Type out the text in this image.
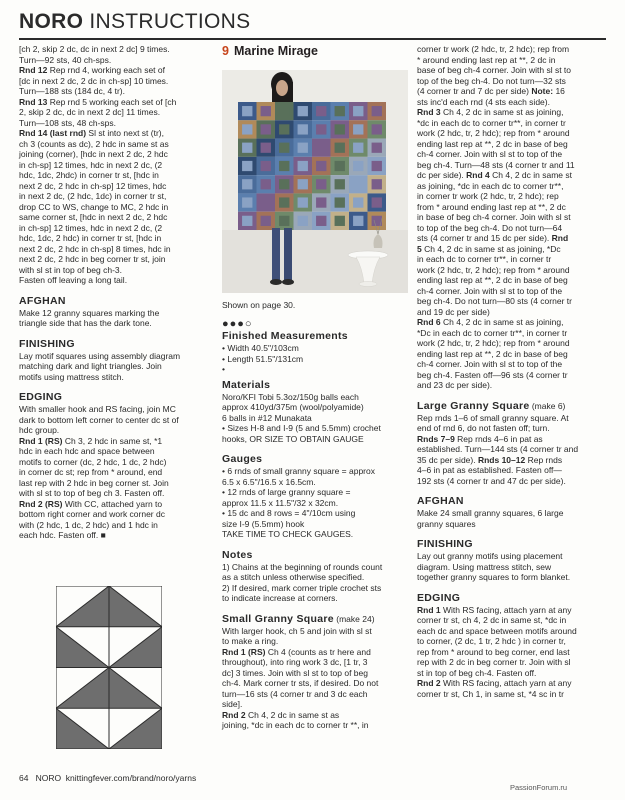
NORO INSTRUCTIONS

[ch 2, skip 2 dc, dc in next 2 dc] 9 times.

Turn—92 sts, 40 ch-sps.

Rnd 12 Rep rnd 4, working each set of

[dc in next 2 dc, 2 dc in ch-sp] 10 times.

Turn—188 sts (184 dc, 4 tr).

Rnd 13 Rep rnd 5 working each set of [ch

2, skip 2 dc, dc in next 2 dc] 11 times.

Turn—108 sts, 48 ch-sps.

Rnd 14 (last rnd) Sl st into next st (tr),

ch 3 (counts as dc), 2 hdc in same st as

joining (corner), [hdc in next 2 dc, 2 hdc

in ch-sp] 12 times, hdc in next 2 dc, (2

hdc, 1dc, 2hdc) in corner tr st, [hdc in

next 2 dc, 2 hdc in ch-sp] 12 times, hdc

in next 2 dc, (2 hdc, 1dc) in corner tr st,

drop CC to WS, change to MC, 2 hdc in

same corner st, [hdc in next 2 dc, 2 hdc

in ch-sp] 12 times, hdc in next 2 dc, (2

hdc, 1dc, 2 hdc) in corner tr st, [hdc in

next 2 dc, 2 hdc in ch-sp] 8 times, hdc in

next 2 dc, 2 hdc in beg corner tr st, join

with sl st in top of beg ch-3.

Fasten off leaving a long tail.

AFGHAN

Make 12 granny squares marking the

triangle side that has the dark tone.

FINISHING

Lay motif squares using assembly diagram

matching dark and light triangles. Join

motifs using mattress stitch.

EDGING

With smaller hook and RS facing, join MC

dark to bottom left corner to center dc st of

hdc group.

Rnd 1 (RS) Ch 3, 2 hdc in same st, *1

hdc in each hdc and space between

motifs to corner (dc, 2 hdc, 1 dc, 2 hdc)

in corner dc st; rep from * around, end

last rep with 2 hdc in beg corner st. Join

with sl st to top of beg ch 3. Fasten off.

Rnd 2 (RS) With CC, attached yarn to

bottom right corner and work corner dc

with (2 hdc, 1 dc, 2 hdc) and 1 hdc in

each hdc. Fasten off. ■

9 Marine Mirage
Shown on page 30.

●●●○

Finished Measurements

• Width 40.5"/103cm

• Length 51.5"/131cm

•

Materials

Noro/KFI Tobi 5.3oz/150g balls each

approx 410yd/375m (wool/polyamide)

6 balls in #12 Munakata

• Sizes H-8 and I-9 (5 and 5.5mm) crochet

hooks, OR SIZE TO OBTAIN GAUGE

Gauges

• 6 rnds of small granny square = approx

6.5 x 6.5"/16.5 x 16.5cm.

• 12 rnds of large granny square =

approx 11.5 x 11.5"/32 x 32cm.

• 15 dc and 8 rows = 4"/10cm using

size I-9 (5.5mm) hook

TAKE TIME TO CHECK GAUGES.

Notes

1) Chains at the beginning of rounds count

as a stitch unless otherwise specified.

2) If desired, mark corner triple crochet sts

to indicate increase at corners.

Small Granny Square (make 24)

With larger hook, ch 5 and join with sl st

to make a ring.

Rnd 1 (RS) Ch 4 (counts as tr here and

throughout), into ring work 3 dc, [1 tr, 3

dc] 3 times. Join with sl st to top of beg

ch-4. Mark corner tr sts, if desired. Do not

turn—16 sts (4 corner tr and 3 dc each

side].

Rnd 2 Ch 4, 2 dc in same st as

joining, *dc in each dc to corner tr **, in

corner tr work (2 hdc, tr, 2 hdc); rep from

* around ending last rep at **, 2 dc in

base of beg ch-4 corner. Join with sl st to

top of the beg ch-4. Do not turn—32 sts

(4 corner tr and 7 dc per side) Note: 16

sts inc'd each rnd (4 sts each side).

Rnd 3 Ch 4, 2 dc in same st as joining,

*dc in each dc to corner tr**, in corner tr

work (2 hdc, tr, 2 hdc); rep from * around

ending last rep at **, 2 dc in base of beg

ch-4 corner. Join with sl st to top of the

beg ch-4. Turn—48 sts (4 corner tr and 11

dc per side). Rnd 4 Ch 4, 2 dc in same st

as joining, *dc in each dc to corner tr**,

in corner tr work (2 hdc, tr, 2 hdc); rep

from * around ending last rep at **, 2 dc

in base of beg ch-4 corner. Join with sl st

to top of the beg ch-4. Do not turn—64

sts (4 corner tr and 15 dc per side). Rnd

5 Ch 4, 2 dc in same st as joining, *Dc

in each dc to corner tr**, in corner tr

work (2 hdc, tr, 2 hdc); rep from * around

ending last rep at **, 2 dc in base of beg

ch-4 corner. Join with sl st to top of the

beg ch-4. Do not turn—80 sts (4 corner tr

and 19 dc per side)

Rnd 6 Ch 4, 2 dc in same st as joining,

*Dc in each dc to corner tr**, in corner tr

work (2 hdc, tr, 2 hdc); rep from * around

ending last rep at **, 2 dc in base of beg

ch-4 corner. Join with sl st to top of the

beg ch-4. Fasten off—96 sts (4 corner tr

and 23 dc per side).

Large Granny Square (make 6)

Rep rnds 1–6 of small granny square. At

end of rnd 6, do not fasten off; turn.

Rnds 7–9 Rep rnds 4–6 in pat as

established. Turn—144 sts (4 corner tr and

35 dc per side). Rnds 10–12 Rep rnds

4–6 in pat as established. Fasten off—

192 sts (4 corner tr and 47 dc per side).

AFGHAN

Make 24 small granny squares, 6 large

granny squares

FINISHING

Lay out granny motifs using placement

diagram. Using mattress stitch, sew

together granny squares to form blanket.

EDGING

Rnd 1 With RS facing, attach yarn at any

corner tr st, ch 4, 2 dc in same st, *dc in

each dc and space between motifs around

to corner, (2 dc, 1 tr, 2 hdc ) in corner tr,

rep from * around to beg corner, end last

rep with 2 dc in beg corner tr. Join with sl

st in top of beg ch-4. Fasten off.

Rnd 2 With RS facing, attach yarn at any

corner tr st, Ch 1, in same st, *4 sc in tr

64 NORO knittingfever.com/brand/noro/yarns
PassionForum.ru
